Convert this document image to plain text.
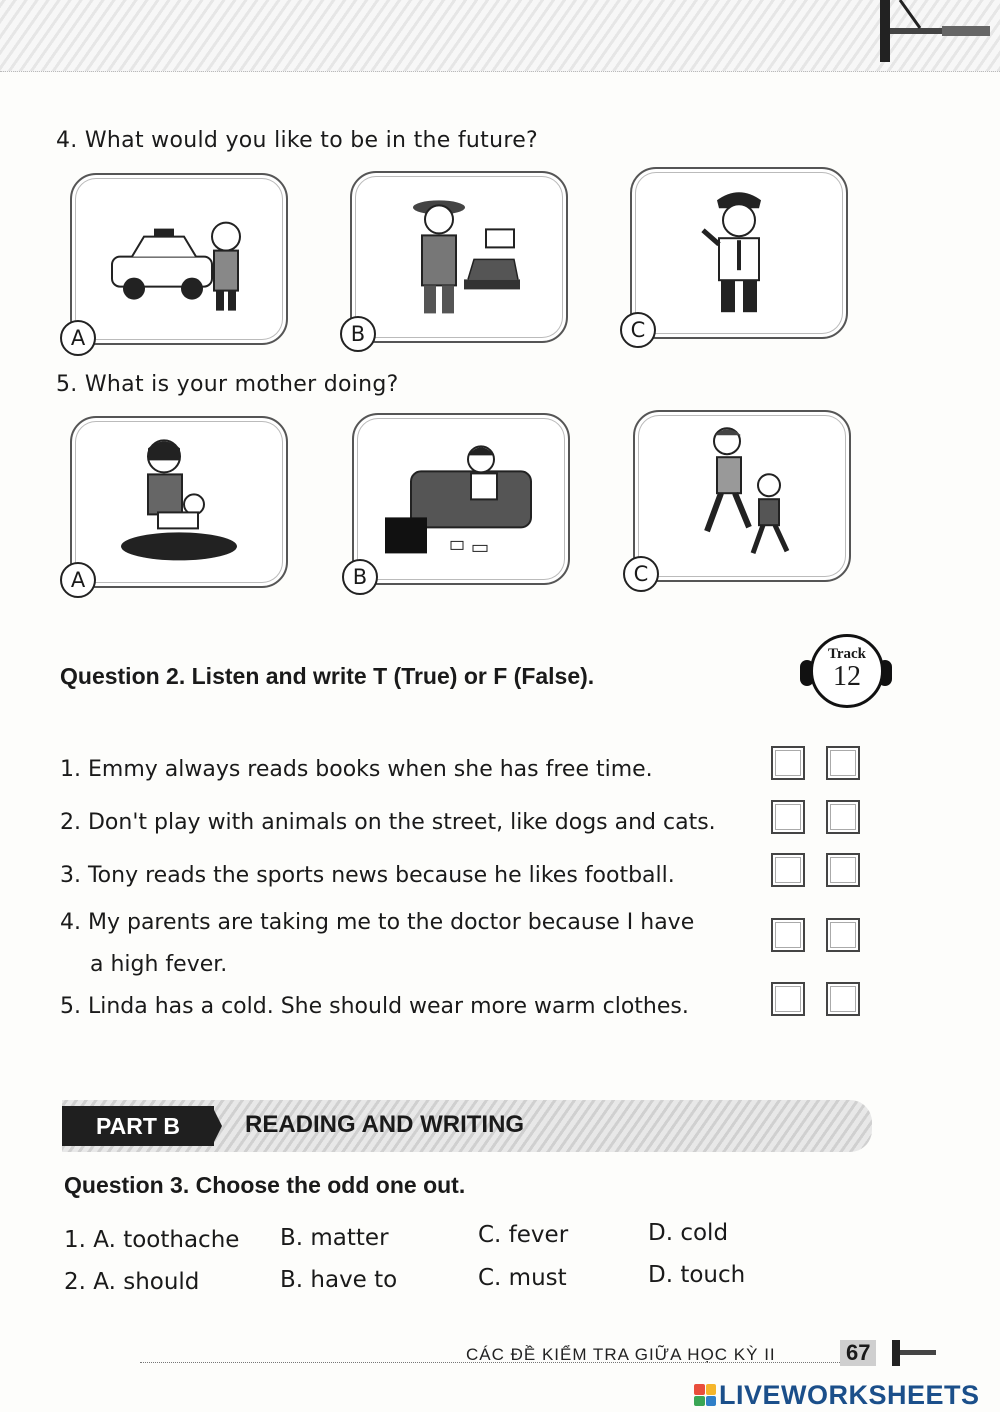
4. What would you like to be in the future?
A	B	C
5. What is your mother doing?
A	B	C
Question 2. Listen and write T (True) or F (False).
Track
12
1. Emmy always reads books when she has free time.
2. Don't play with animals on the street, like dogs and cats.
3. Tony reads the sports news because he likes football.
4. My parents are taking me to the doctor because I have
a high fever.
5. Linda has a cold. She should wear more warm clothes.
PART B	READING AND WRITING
Question 3. Choose the odd one out.
1. A. toothache B. matter	C. fever	D. cold
2. A. should	B. have to	C. must	D. touch
CÁC ĐỀ KIỂM TRA GIỮA HỌC KỲ II	67
LIVEWORKSHEETS
